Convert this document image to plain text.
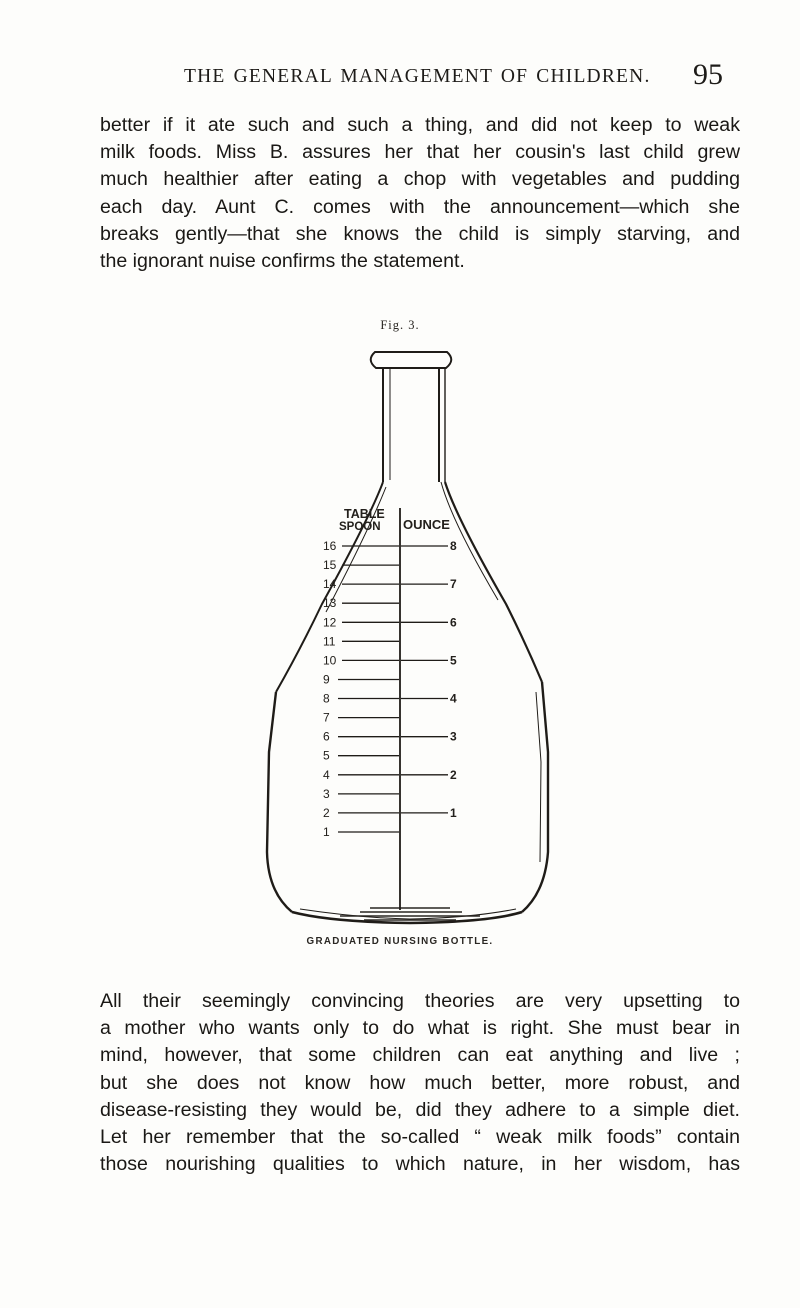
THE GENERAL MANAGEMENT OF CHILDREN. 95
better if it ate such and such a thing, and did not keep to weak
milk foods. Miss B. assures her that her cousin's last child grew
much healthier after eating a chop with vegetables and pudding
each day. Aunt C. comes with the announcement—which she
breaks gently—that she knows the child is simply starving, and
the ignorant nuise confirms the statement.
Fig. 3.
TABLE
SPOON OUNCE
16
15
14
13
12
11
10
9
8
7
6
5
4
3
2
1
8
7
6
5
4
3
2
1
GRADUATED NURSING BOTTLE.
All their seemingly convincing theories are very upsetting to
a mother who wants only to do what is right. She must bear in
mind, however, that some children can eat anything and live ;
but she does not know how much better, more robust, and
disease-resisting they would be, did they adhere to a simple diet.
Let her remember that the so-called “ weak milk foods” contain
those nourishing qualities to which nature, in her wisdom, has
